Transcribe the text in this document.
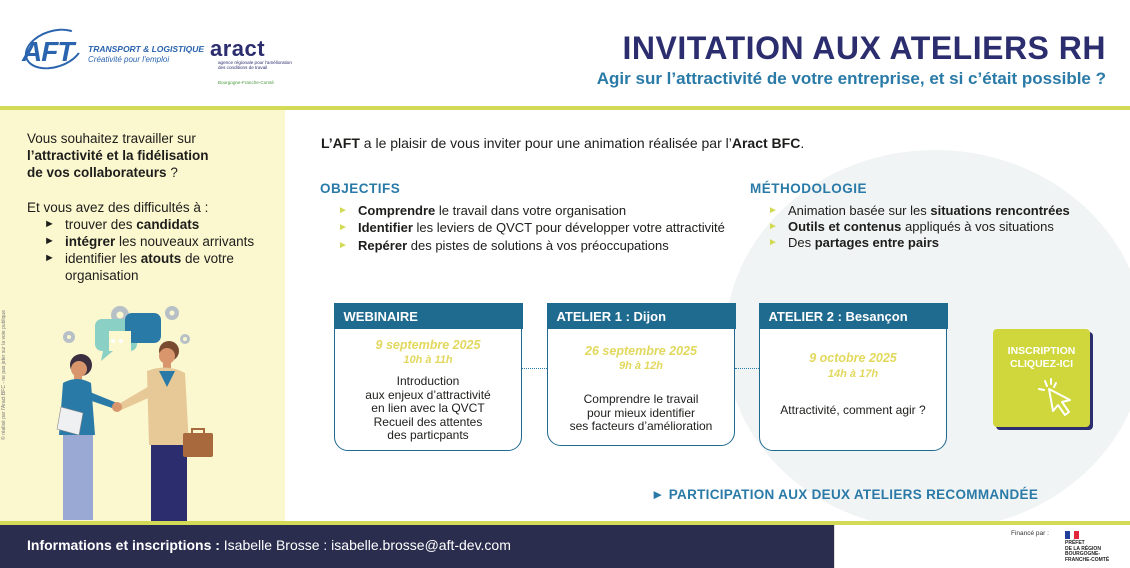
AFT TRANSPORT & LOGISTIQUE
Créativité pour l'emploi aract
agence régionale pour l'amélioration des conditions de travail
Bourgogne-Franche-Comté
INVITATION AUX ATELIERS RH
Agir sur l’attractivité de votre entreprise, et si c’était possible ?
Vous souhaitez travailler sur
l’attractivité et la fidélisation
de vos collaborateurs ?
Et vous avez des difficultés à :
► trouver des candidats
► intégrer les nouveaux arrivants
► identifier les atouts de votre organisation
© réalisé par l'Aract BFC - ne pas jeter sur la voie publique
L’AFT a le plaisir de vous inviter pour une animation réalisée par l’Aract BFC.
OBJECTIFS
► Comprendre le travail dans votre organisation
► Identifier les leviers de QVCT pour développer votre attractivité
► Repérer des pistes de solutions à vos préoccupations
MÉTHODOLOGIE
► Animation basée sur les situations rencontrées
► Outils et contenus appliqués à vos situations
► Des partages entre pairs
WEBINAIRE
9 septembre 2025
10h à 11h
Introduction
aux enjeux d’attractivité
en lien avec la QVCT
Recueil des attentes
des particpants
ATELIER 1 : Dijon
26 septembre 2025
9h à 12h
Comprendre le travail
pour mieux identifier
ses facteurs d’amélioration
ATELIER 2 : Besançon
9 octobre 2025
14h à 17h
Attractivité, comment agir ?
INSCRIPTION
CLIQUEZ-ICI
► PARTICIPATION AUX DEUX ATELIERS RECOMMANDÉE
Informations et inscriptions : Isabelle Brosse : isabelle.brosse@aft-dev.com
Financé par :
PRÉFET
DE LA RÉGION
BOURGOGNE-
FRANCHE-COMTÉ
